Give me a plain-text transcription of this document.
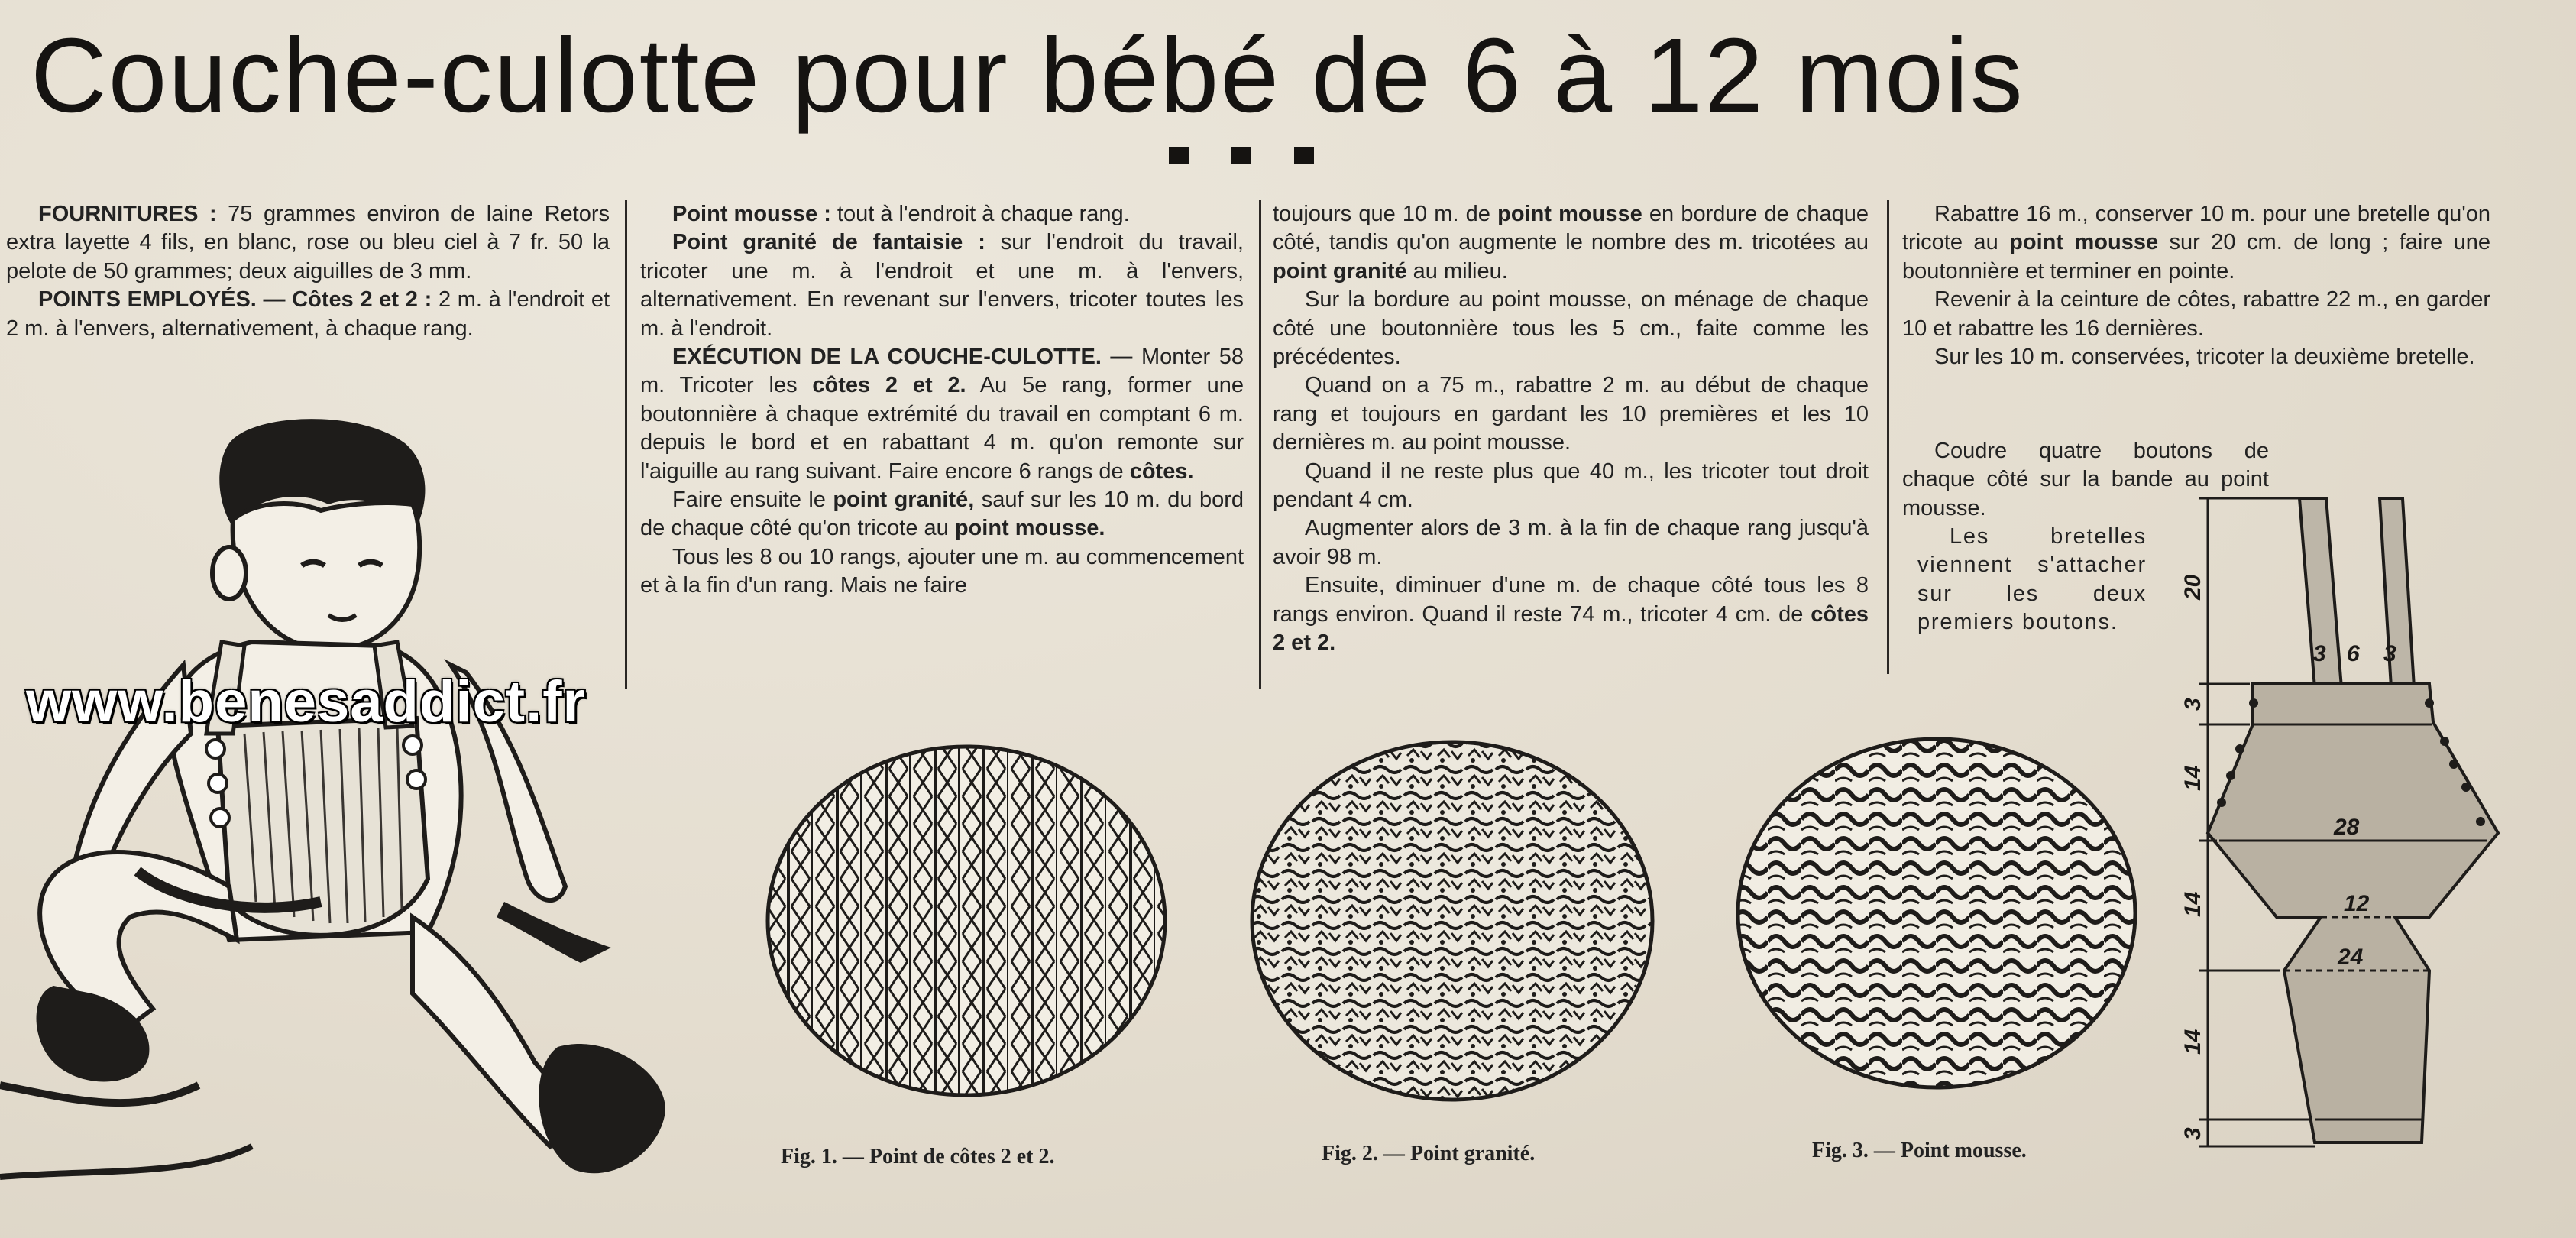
Couche-culotte pour bébé de 6 à 12 mois

FOURNITURES : 75 grammes environ de laine Retors extra layette 4 fils, en blanc, rose ou bleu ciel à 7 fr. 50 la pelote de 50 grammes; deux aiguilles de 3 mm.

POINTS EMPLOYÉS. — Côtes 2 et 2 : 2 m. à l'endroit et 2 m. à l'envers, alternativement, à chaque rang.

Point mousse : tout à l'endroit à chaque rang.

Point granité de fantaisie : sur l'endroit du travail, tricoter une m. à l'endroit et une m. à l'envers, alternativement. En revenant sur l'envers, tricoter toutes les m. à l'endroit.

EXÉCUTION DE LA COUCHE-CULOTTE. — Monter 58 m. Tricoter les côtes 2 et 2. Au 5e rang, former une boutonnière à chaque extrémité du travail en comptant 6 m. depuis le bord et en rabattant 4 m. qu'on remonte sur l'aiguille au rang suivant. Faire encore 6 rangs de côtes.

Faire ensuite le point granité, sauf sur les 10 m. du bord de chaque côté qu'on tricote au point mousse.

Tous les 8 ou 10 rangs, ajouter une m. au commencement et à la fin d'un rang. Mais ne faire

toujours que 10 m. de point mousse en bordure de chaque côté, tandis qu'on augmente le nombre des m. tricotées au point granité au milieu.

Sur la bordure au point mousse, on ménage de chaque côté une boutonnière tous les 5 cm., faite comme les précédentes.

Quand on a 75 m., rabattre 2 m. au début de chaque rang et toujours en gardant les 10 premières et les 10 dernières m. au point mousse.

Quand il ne reste plus que 40 m., les tricoter tout droit pendant 4 cm.

Augmenter alors de 3 m. à la fin de chaque rang jusqu'à avoir 98 m.

Ensuite, diminuer d'une m. de chaque côté tous les 8 rangs environ. Quand il reste 74 m., tricoter 4 cm. de côtes 2 et 2.

Rabattre 16 m., conserver 10 m. pour une bretelle qu'on tricote au point mousse sur 20 cm. de long ; faire une boutonnière et terminer en pointe.

Revenir à la ceinture de côtes, rabattre 22 m., en garder 10 et rabattre les 16 dernières.

Sur les 10 m. conservées, tricoter la deuxième bretelle.

Coudre quatre boutons de chaque côté sur la bande au point mousse.

Les bretelles viennent s'attacher sur les deux premiers boutons.

www.benesaddict.fr
Fig. 1. — Point de côtes 2 et 2.	Fig. 2. — Point granité.	Fig. 3. — Point mousse.
20
3
14
14
14
3
3 6 3
28
12
24
